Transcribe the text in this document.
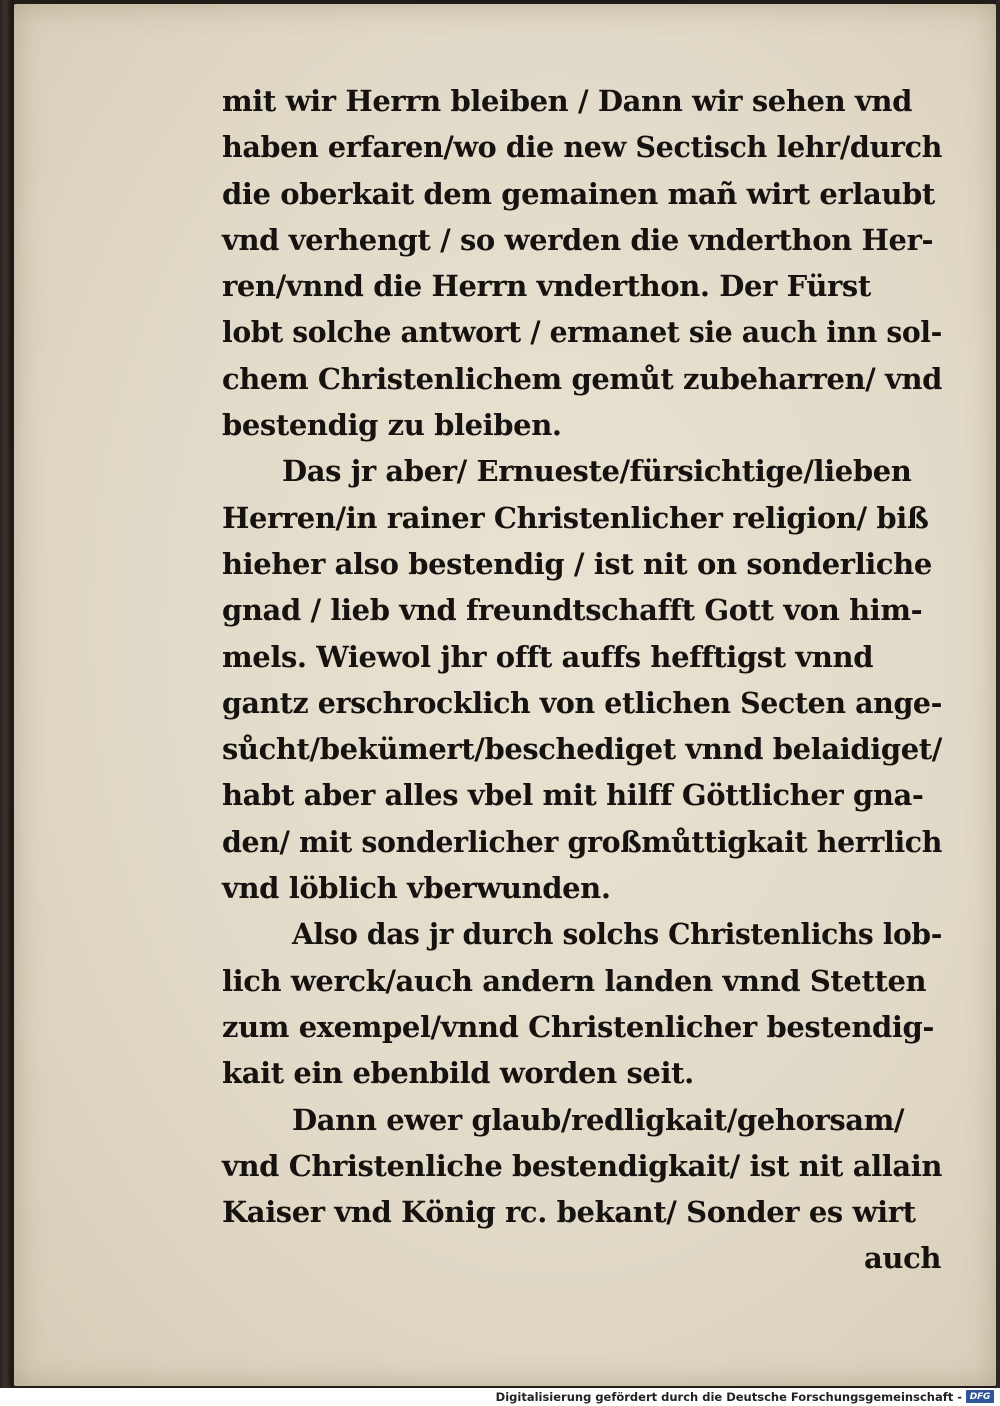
mit wir Herrn bleiben / Dann wir sehen vnd
haben erfaren/wo die new Sectisch lehr/durch
die oberkait dem gemainen mañ wirt erlaubt
vnd verhengt / so werden die vnderthon Her-
ren/vnnd die Herrn vnderthon. Der Fürst
lobt solche antwort / ermanet sie auch inn sol-
chem Christenlichem gemůt zubeharren/ vnd
bestendig zu bleiben.
Das jr aber/ Ernueste/fürsichtige/lieben
Herren/in rainer Christenlicher religion/ biß
hieher also bestendig / ist nit on sonderliche
gnad / lieb vnd freundtschafft Gott von him-
mels. Wiewol jhr offt auffs hefftigst vnnd
gantz erschrocklich von etlichen Secten ange-
sůcht/bekümert/beschediget vnnd belaidiget/
habt aber alles vbel mit hilff Göttlicher gna-
den/ mit sonderlicher großmůttigkait herrlich
vnd löblich vberwunden.
Also das jr durch solchs Christenlichs lob-
lich werck/auch andern landen vnnd Stetten
zum exempel/vnnd Christenlicher bestendig-
kait ein ebenbild worden seit.
Dann ewer glaub/redligkait/gehorsam/
vnd Christenliche bestendigkait/ ist nit allain
Kaiser vnd König rc. bekant/ Sonder es wirt
auch
Digitalisierung gefördert durch die Deutsche Forschungsgemeinschaft - DFG
